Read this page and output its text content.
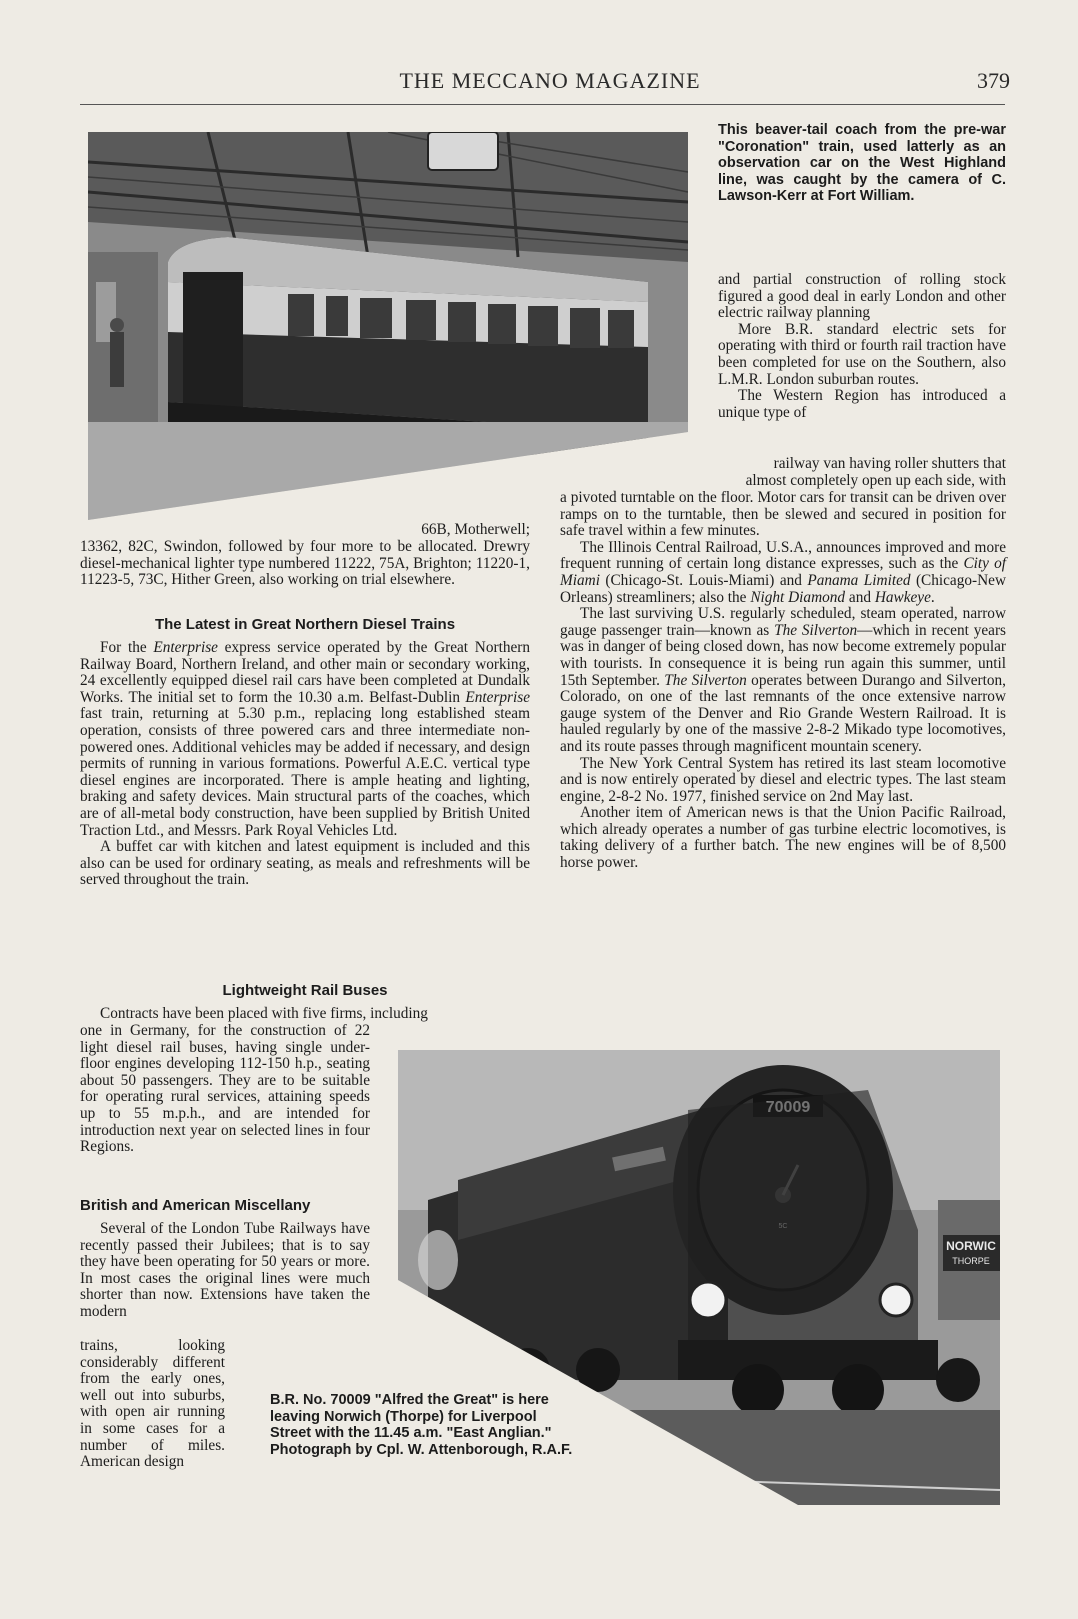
THE MECCANO MAGAZINE	379
NORWIC
THORPE

This beaver-tail coach from the pre-war "Coronation" train, used latterly as an observation car on the West Highland line, was caught by the camera of C. Lawson-Kerr at Fort William.

B.R. No. 70009 "Alfred the Great" is here leaving Norwich (Thorpe) for Liverpool Street with the 11.45 a.m. "East Anglian." Photograph by Cpl. W. Attenborough, R.A.F.

66B, Motherwell;

13362, 82C, Swindon, followed by four more to be allocated. Drewry diesel-mechanical lighter type numbered 11222, 75A, Brighton; 11220-1, 11223-5, 73C, Hither Green, also working on trial elsewhere.

The Latest in Great Northern Diesel Trains

For the Enterprise express service operated by the Great Northern Railway Board, Northern Ireland, and other main or secondary working, 24 excellently equipped diesel rail cars have been completed at Dundalk Works. The initial set to form the 10.30 a.m. Belfast-Dublin Enterprise fast train, returning at 5.30 p.m., replacing long established steam operation, consists of three powered cars and three intermediate non-powered ones. Additional vehicles may be added if necessary, and design permits of running in various formations. Powerful A.E.C. vertical type diesel engines are incorporated. There is ample heating and lighting, braking and safety devices. Main structural parts of the coaches, which are of all-metal body construction, have been supplied by British United Traction Ltd., and Messrs. Park Royal Vehicles Ltd.

A buffet car with kitchen and latest equipment is included and this also can be used for ordinary seating, as meals and refreshments will be served throughout the train.

Lightweight Rail Buses

Contracts have been placed with five firms, including

one in Germany, for the construction of 22 light diesel rail buses, having single under-floor engines developing 112-150 h.p., seating about 50 passengers. They are to be suitable for operating rural services, attaining speeds up to 55 m.p.h., and are intended for introduction next year on selected lines in four Regions.

British and American Miscellany

Several of the London Tube Railways have recently passed their Jubilees; that is to say they have been operating for 50 years or more. In most cases the original lines were much shorter than now. Extensions have taken the modern

trains, looking considerably different from the early ones, well out into suburbs, with open air running in some cases for a number of miles. American design

and partial construction of rolling stock figured a good deal in early London and other electric railway planning

More B.R. standard electric sets for operating with third or fourth rail traction have been completed for use on the Southern, also L.M.R. London suburban routes.

The Western Region has introduced a unique type of

railway van having roller shutters that

almost completely open up each side, with

a pivoted turntable on the floor. Motor cars for transit can be driven over ramps on to the turntable, then be slewed and secured in position for safe travel within a few minutes.

The Illinois Central Railroad, U.S.A., announces improved and more frequent running of certain long distance expresses, such as the City of Miami (Chicago-St. Louis-Miami) and Panama Limited (Chicago-New Orleans) streamliners; also the Night Diamond and Hawkeye.

The last surviving U.S. regularly scheduled, steam operated, narrow gauge passenger train—known as The Silverton—which in recent years was in danger of being closed down, has now become extremely popular with tourists. In consequence it is being run again this summer, until 15th September. The Silverton operates between Durango and Silverton, Colorado, on one of the last remnants of the once extensive narrow gauge system of the Denver and Rio Grande Western Railroad. It is hauled regularly by one of the massive 2-8-2 Mikado type locomotives, and its route passes through magnificent mountain scenery.

The New York Central System has retired its last steam locomotive and is now entirely operated by diesel and electric types. The last steam engine, 2-8-2 No. 1977, finished service on 2nd May last.

Another item of American news is that the Union Pacific Railroad, which already operates a number of gas turbine electric locomotives, is taking delivery of a further batch. The new engines will be of 8,500 horse power.
